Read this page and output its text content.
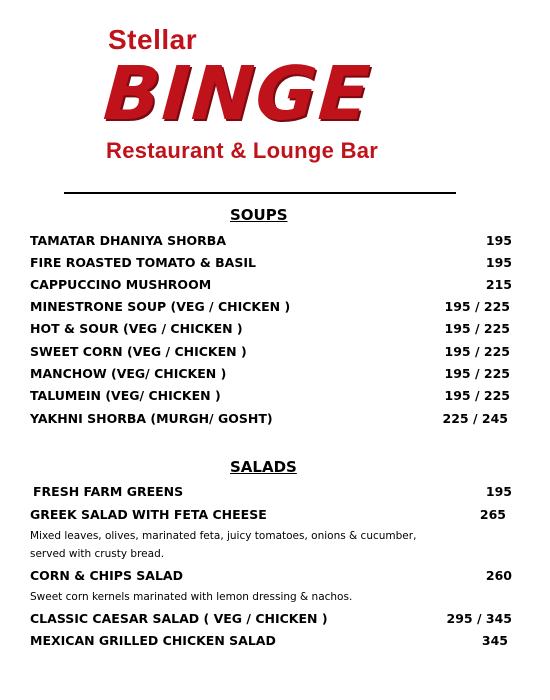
Stellar
BINGE
Restaurant & Lounge Bar
SOUPS
TAMATAR DHANIYA SHORBA	195
FIRE ROASTED TOMATO & BASIL	195
CAPPUCCINO MUSHROOM	215
MINESTRONE SOUP (VEG / CHICKEN )	195 / 225
HOT & SOUR (VEG / CHICKEN )	195 / 225
SWEET CORN (VEG / CHICKEN )	195 / 225
MANCHOW (VEG/ CHICKEN )	195 / 225
TALUMEIN (VEG/ CHICKEN )	195 / 225
YAKHNI SHORBA (MURGH/ GOSHT)	225 / 245
SALADS
FRESH FARM GREENS	195
GREEK SALAD WITH FETA CHEESE	265
Mixed leaves, olives, marinated feta, juicy tomatoes, onions & cucumber,
served with crusty bread.
CORN & CHIPS SALAD	260
Sweet corn kernels marinated with lemon dressing & nachos.
CLASSIC CAESAR SALAD ( VEG / CHICKEN )	295 / 345
MEXICAN GRILLED CHICKEN SALAD	345
